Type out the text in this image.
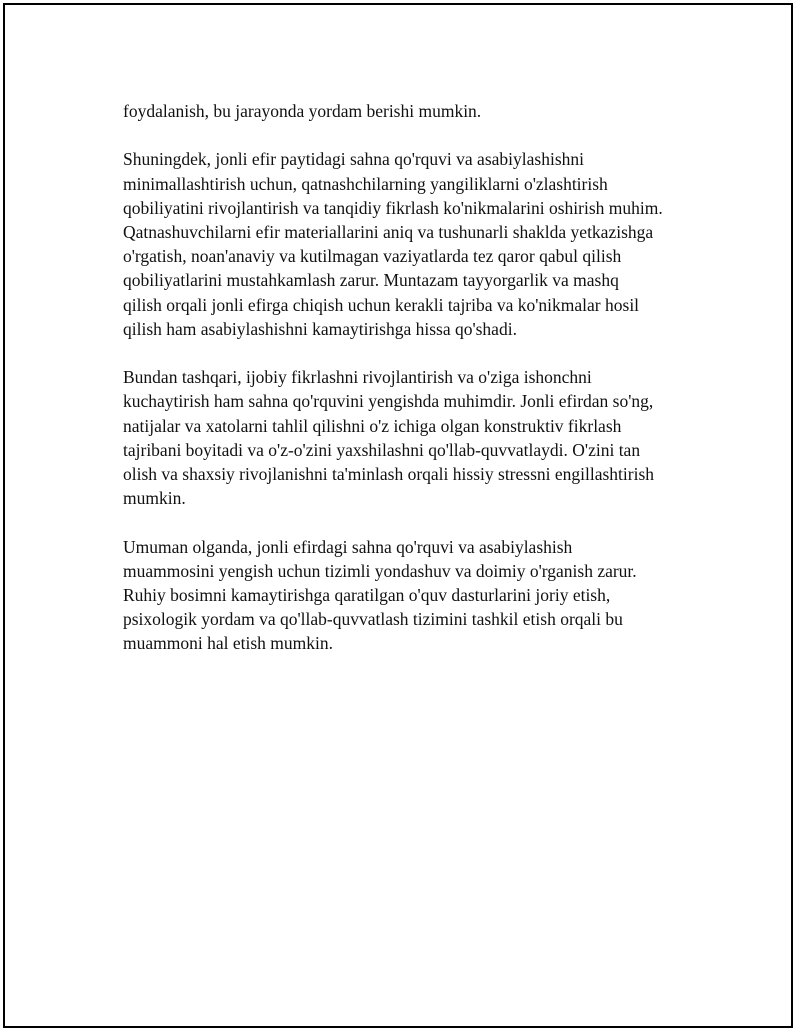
foydalanish, bu jarayonda yordam berishi mumkin.

Shuningdek, jonli efir paytidagi sahna qo'rquvi va asabiylashishni
minimallashtirish uchun, qatnashchilarning yangiliklarni o'zlashtirish
qobiliyatini rivojlantirish va tanqidiy fikrlash ko'nikmalarini oshirish muhim.
Qatnashuvchilarni efir materiallarini aniq va tushunarli shaklda yetkazishga
o'rgatish, noan'anaviy va kutilmagan vaziyatlarda tez qaror qabul qilish
qobiliyatlarini mustahkamlash zarur. Muntazam tayyorgarlik va mashq
qilish orqali jonli efirga chiqish uchun kerakli tajriba va ko'nikmalar hosil
qilish ham asabiylashishni kamaytirishga hissa qo'shadi.

Bundan tashqari, ijobiy fikrlashni rivojlantirish va o'ziga ishonchni
kuchaytirish ham sahna qo'rquvini yengishda muhimdir. Jonli efirdan so'ng,
natijalar va xatolarni tahlil qilishni o'z ichiga olgan konstruktiv fikrlash
tajribani boyitadi va o'z-o'zini yaxshilashni qo'llab-quvvatlaydi. O'zini tan
olish va shaxsiy rivojlanishni ta'minlash orqali hissiy stressni engillashtirish
mumkin.

Umuman olganda, jonli efirdagi sahna qo'rquvi va asabiylashish
muammosini yengish uchun tizimli yondashuv va doimiy o'rganish zarur.
Ruhiy bosimni kamaytirishga qaratilgan o'quv dasturlarini joriy etish,
psixologik yordam va qo'llab-quvvatlash tizimini tashkil etish orqali bu
muammoni hal etish mumkin.
